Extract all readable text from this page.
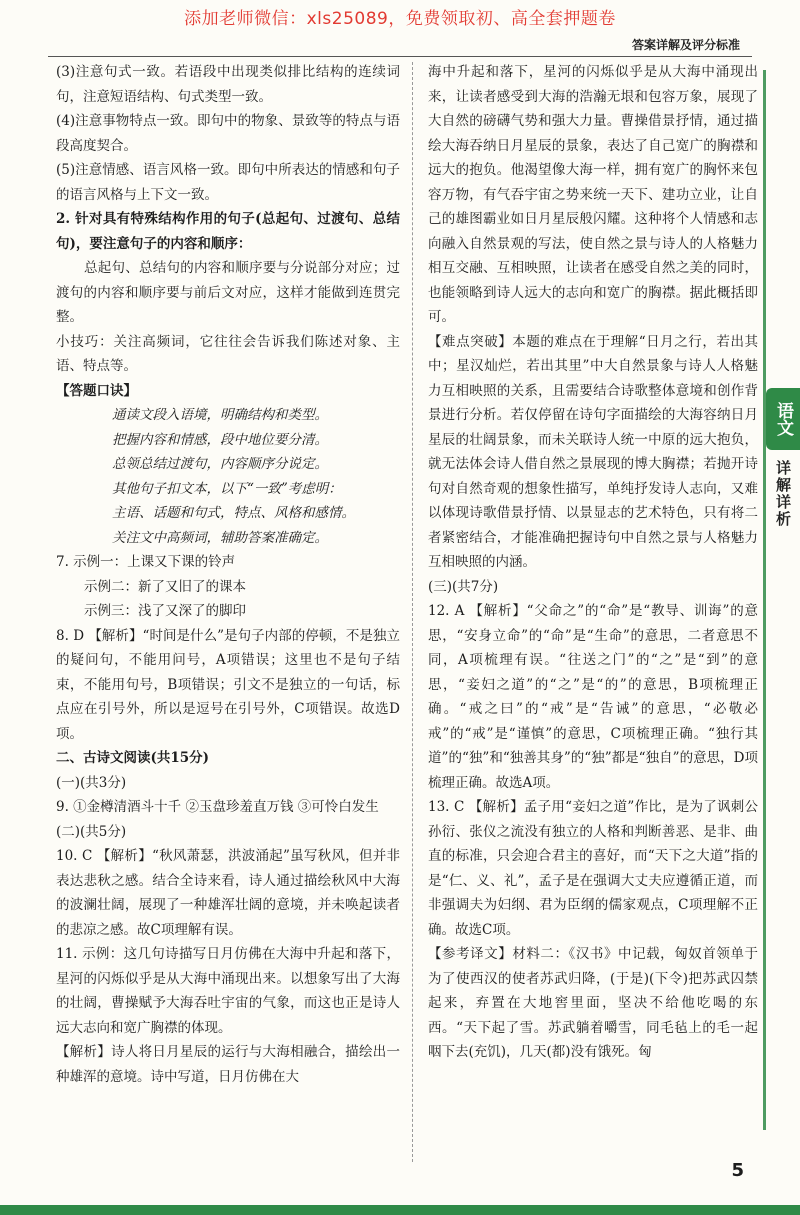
添加老师微信：xls25089，免费领取初、高全套押题卷
答案详解及评分标准

(3)注意句式一致。若语段中出现类似排比结构的连续词句，注意短语结构、句式类型一致。

(4)注意事物特点一致。即句中的物象、景致等的特点与语段高度契合。

(5)注意情感、语言风格一致。即句中所表达的情感和句子的语言风格与上下文一致。

2. 针对具有特殊结构作用的句子(总起句、过渡句、总结句)，要注意句子的内容和顺序：

总起句、总结句的内容和顺序要与分说部分对应；过渡句的内容和顺序要与前后文对应，这样才能做到连贯完整。

小技巧：关注高频词，它往往会告诉我们陈述对象、主语、特点等。

【答题口诀】

通读文段入语境，明确结构和类型。

把握内容和情感，段中地位要分清。

总领总结过渡句，内容顺序分说定。

其他句子扣文本，以下“一致”考虑明：

主语、话题和句式，特点、风格和感情。

关注文中高频词，辅助答案准确定。

7. 示例一：上课又下课的铃声

示例二：新了又旧了的课本

示例三：浅了又深了的脚印

8. D 【解析】“时间是什么”是句子内部的停顿，不是独立的疑问句，不能用问号，A项错误；这里也不是句子结束，不能用句号，B项错误；引文不是独立的一句话，标点应在引号外，所以是逗号在引号外，C项错误。故选D项。

二、古诗文阅读(共15分)

(一)(共3分)

9. ①金樽清酒斗十千 ②玉盘珍羞直万钱 ③可怜白发生

(二)(共5分)

10. C 【解析】“秋风萧瑟，洪波涌起”虽写秋风，但并非表达悲秋之感。结合全诗来看，诗人通过描绘秋风中大海的波澜壮阔，展现了一种雄浑壮阔的意境，并未唤起读者的悲凉之感。故C项理解有误。

11. 示例：这几句诗描写日月仿佛在大海中升起和落下，星河的闪烁似乎是从大海中涌现出来。以想象写出了大海的壮阔，曹操赋予大海吞吐宇宙的气象，而这也正是诗人远大志向和宽广胸襟的体现。

【解析】诗人将日月星辰的运行与大海相融合，描绘出一种雄浑的意境。诗中写道，日月仿佛在大

海中升起和落下，星河的闪烁似乎是从大海中涌现出来，让读者感受到大海的浩瀚无垠和包容万象，展现了大自然的磅礴气势和强大力量。曹操借景抒情，通过描绘大海吞纳日月星辰的景象，表达了自己宽广的胸襟和远大的抱负。他渴望像大海一样，拥有宽广的胸怀来包容万物，有气吞宇宙之势来统一天下、建功立业，让自己的雄图霸业如日月星辰般闪耀。这种将个人情感和志向融入自然景观的写法，使自然之景与诗人的人格魅力相互交融、互相映照，让读者在感受自然之美的同时，也能领略到诗人远大的志向和宽广的胸襟。据此概括即可。

【难点突破】本题的难点在于理解“日月之行，若出其中；星汉灿烂，若出其里”中大自然景象与诗人人格魅力互相映照的关系，且需要结合诗歌整体意境和创作背景进行分析。若仅停留在诗句字面描绘的大海容纳日月星辰的壮阔景象，而未关联诗人统一中原的远大抱负，就无法体会诗人借自然之景展现的博大胸襟；若抛开诗句对自然奇观的想象性描写，单纯抒发诗人志向，又难以体现诗歌借景抒情、以景显志的艺术特色，只有将二者紧密结合，才能准确把握诗句中自然之景与人格魅力互相映照的内涵。

(三)(共7分)

12. A 【解析】“父命之”的“命”是“教导、训诲”的意思，“安身立命”的“命”是“生命”的意思，二者意思不同，A项梳理有误。“往送之门”的“之”是“到”的意思，“妾妇之道”的“之”是“的”的意思，B项梳理正确。“戒之曰”的“戒”是“告诫”的意思，“必敬必戒”的“戒”是“谨慎”的意思，C项梳理正确。“独行其道”的“独”和“独善其身”的“独”都是“独自”的意思，D项梳理正确。故选A项。

13. C 【解析】孟子用“妾妇之道”作比，是为了讽刺公孙衍、张仪之流没有独立的人格和判断善恶、是非、曲直的标准，只会迎合君主的喜好，而“天下之大道”指的是“仁、义、礼”，孟子是在强调大丈夫应遵循正道，而非强调夫为妇纲、君为臣纲的儒家观点，C项理解不正确。故选C项。

【参考译文】材料二：《汉书》中记载，匈奴首领单于为了使西汉的使者苏武归降，(于是)(下令)把苏武囚禁起来，弃置在大地窖里面，坚决不给他吃喝的东西。“天下起了雪。苏武躺着嚼雪，同毛毡上的毛一起咽下去(充饥)，几天(都)没有饿死。匈

语文
详解详析
5
